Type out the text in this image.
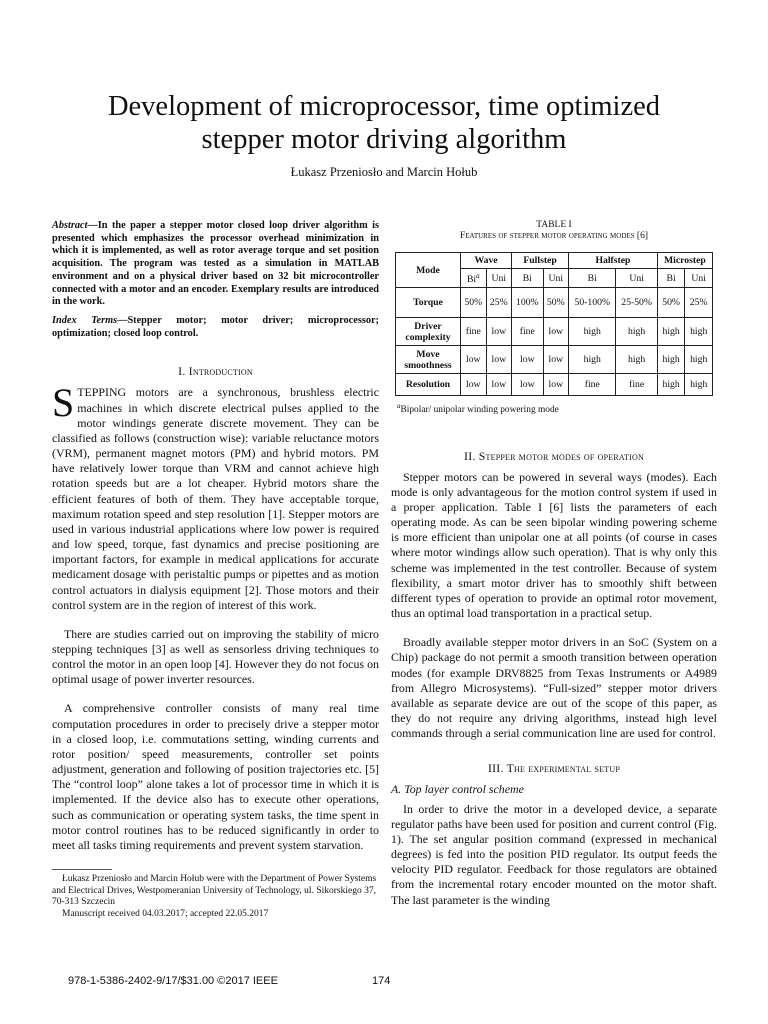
Development of microprocessor, time optimized
stepper motor driving algorithm
Łukasz Przeniosło and Marcin Hołub

Abstract—In the paper a stepper motor closed loop driver algorithm is presented which emphasizes the processor overhead minimization in which it is implemented, as well as rotor average torque and set position acquisition. The program was tested as a simulation in MATLAB environment and on a physical driver based on 32 bit microcontroller connected with a motor and an encoder. Exemplary results are introduced in the work.

Index Terms—Stepper motor; motor driver; microprocessor; optimization; closed loop control.

I. Introduction

STEPPING motors are a synchronous, brushless electric machines in which discrete electrical pulses applied to the motor windings generate discrete movement. They can be classified as follows (construction wise): variable reluctance motors (VRM), permanent magnet motors (PM) and hybrid motors. PM have relatively lower torque than VRM and cannot achieve high rotation speeds but are a lot cheaper. Hybrid motors share the efficient features of both of them. They have acceptable torque, maximum rotation speed and step resolution [1]. Stepper motors are used in various industrial applications where low power is required and low speed, torque, fast dynamics and precise positioning are important factors, for example in medical applications for accurate medicament dosage with peristaltic pumps or pipettes and as motion control actuators in dialysis equipment [2]. Those motors and their control system are in the region of interest of this work.

There are studies carried out on improving the stability of micro stepping techniques [3] as well as sensorless driving techniques to control the motor in an open loop [4]. However they do not focus on optimal usage of power inverter resources.

A comprehensive controller consists of many real time computation procedures in order to precisely drive a stepper motor in a closed loop, i.e. commutations setting, winding currents and rotor position/ speed measurements, controller set points adjustment, generation and following of position trajectories etc. [5] The “control loop” alone takes a lot of processor time in which it is implemented. If the device also has to execute other operations, such as communication or operating system tasks, the time spent in motor control routines has to be reduced significantly in order to meet all tasks timing requirements and prevent system starvation.

Łukasz Przeniosło and Marcin Hołub were with the Department of Power Systems and Electrical Drives, Westpomeranian University of Technology, ul. Sikorskiego 37, 70-313 Szczecin
Manuscript received 04.03.2017; accepted 22.05.2017
TABLE I
Features of stepper motor operating modes [6]
Mode	Wave		Fullstep		Halfstep		Microstep	
	Bi$^a$	Uni	Bi	Uni	Bi	Uni	Bi	Uni
Torque	50%	25%	100%	50%	50-100%	25-50%	50%	25%
Driver complexity	fine	low	fine	low	high	high	high	high
Move smoothness	low	low	low	low	high	high	high	high
Resolution	low	low	low	low	fine	fine	high	high
$^a$Bipolar/ unipolar winding powering mode
II. Stepper motor modes of operation

Stepper motors can be powered in several ways (modes). Each mode is only advantageous for the motion control system if used in a proper application. Table I [6] lists the parameters of each operating mode. As can be seen bipolar winding powering scheme is more efficient than unipolar one at all points (of course in cases where motor windings allow such operation). That is why only this scheme was implemented in the test controller. Because of system flexibility, a smart motor driver has to smoothly shift between different types of operation to provide an optimal rotor movement, thus an optimal load transportation in a practical setup.

Broadly available stepper motor drivers in an SoC (System on a Chip) package do not permit a smooth transition between operation modes (for example DRV8825 from Texas Instruments or A4989 from Allegro Microsystems). “Full-sized” stepper motor drivers available as separate device are out of the scope of this paper, as they do not require any driving algorithms, instead high level commands through a serial communication line are used for control.

III. The experimental setup
A. Top layer control scheme

In order to drive the motor in a developed device, a separate regulator paths have been used for position and current control (Fig. 1). The set angular position command (expressed in mechanical degrees) is fed into the position PID regulator. Its output feeds the velocity PID regulator. Feedback for those regulators are obtained from the incremental rotary encoder mounted on the motor shaft. The last parameter is the winding

978-1-5386-2402-9/17/$31.00 ©2017 IEEE	174
